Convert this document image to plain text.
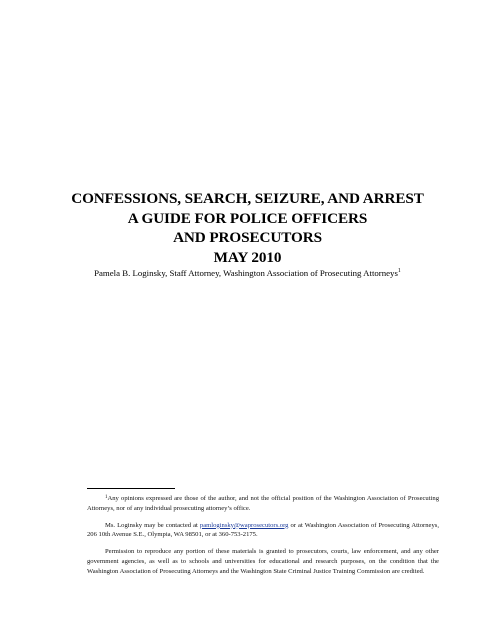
CONFESSIONS, SEARCH, SEIZURE, AND ARREST
A GUIDE FOR POLICE OFFICERS
AND PROSECUTORS
MAY 2010
Pamela B. Loginsky, Staff Attorney, Washington Association of Prosecuting Attorneys$^1$

$^1$Any opinions expressed are those of the author, and not the official position of the Washington Association of Prosecuting Attorneys, nor of any individual prosecuting attorney’s office.

Ms. Loginsky may be contacted at pamloginsky@waprosecutors.org or at Washington Association of Prosecuting Attorneys, 206 10th Avenue S.E., Olympia, WA 98501, or at 360-753-2175.

Permission to reproduce any portion of these materials is granted to prosecutors, courts, law enforcement, and any other government agencies, as well as to schools and universities for educational and research purposes, on the condition that the Washington Association of Prosecuting Attorneys and the Washington State Criminal Justice Training Commission are credited.
